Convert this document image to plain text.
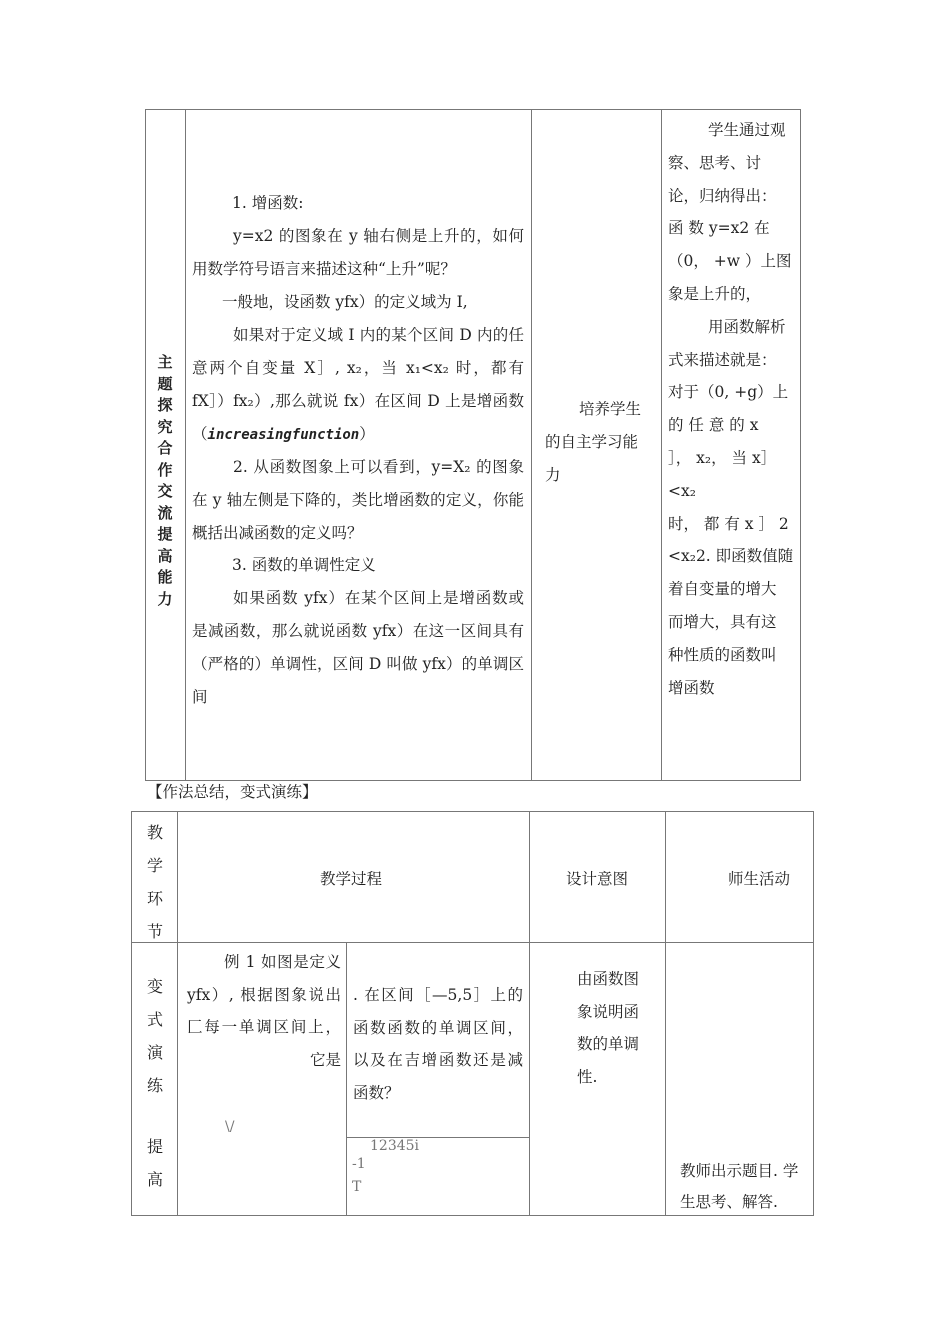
主题探究合作交流提高能力
1. 增函数:
y=x2 的图象在 y 轴右侧是上升的，如何用数学符号语言来描述这种“上升”呢？
一般地，设函数 yfx）的定义域为 I,
如果对于定义域 I 内的某个区间 D 内的任意两个自变量 X］, x₂，当 x₁<x₂ 时，都有 fX］）fx₂）,那么就说 fx）在区间 D 上是增函数（increasingfunction）
2. 从函数图象上可以看到，y=X₂ 的图象在 y 轴左侧是下降的，类比增函数的定义，你能概括出减函数的定义吗？
3. 函数的单调性定义
如果函数 yfx）在某个区间上是增函数或是减函数，那么就说函数 yfx）在这一区间具有（严格的）单调性，区间 D 叫做 yfx）的单调区间
培养学生的自主学习能力
学生通过观
察、思考、讨
论，归纳得出：
函 数 y=x2 在
（0， +w ）上图
象是上升的，
用函数解析
式来描述就是：
对于（0, +g）上
的 任 意 的 x
］， x₂， 当 x］<x₂
时， 都 有 x ］ 2
<x₂2. 即函数值随
着自变量的增大
而增大，具有这
种性质的函数叫
增函数
【作法总结，变式演练】
教学环节
教学过程	设计意图	师生活动
变式演练
提高
例 1 如图是定义 yfx）, 根据图象说出 匚每一单调区间上，它是
\/
. 在区间［—5,5］上的函数函数的单调区间，以及在吉增函数还是减函数？
12345i
-1
T
由函数图象说明函数的单调性.
教师出示题目. 学生思考、解答.
